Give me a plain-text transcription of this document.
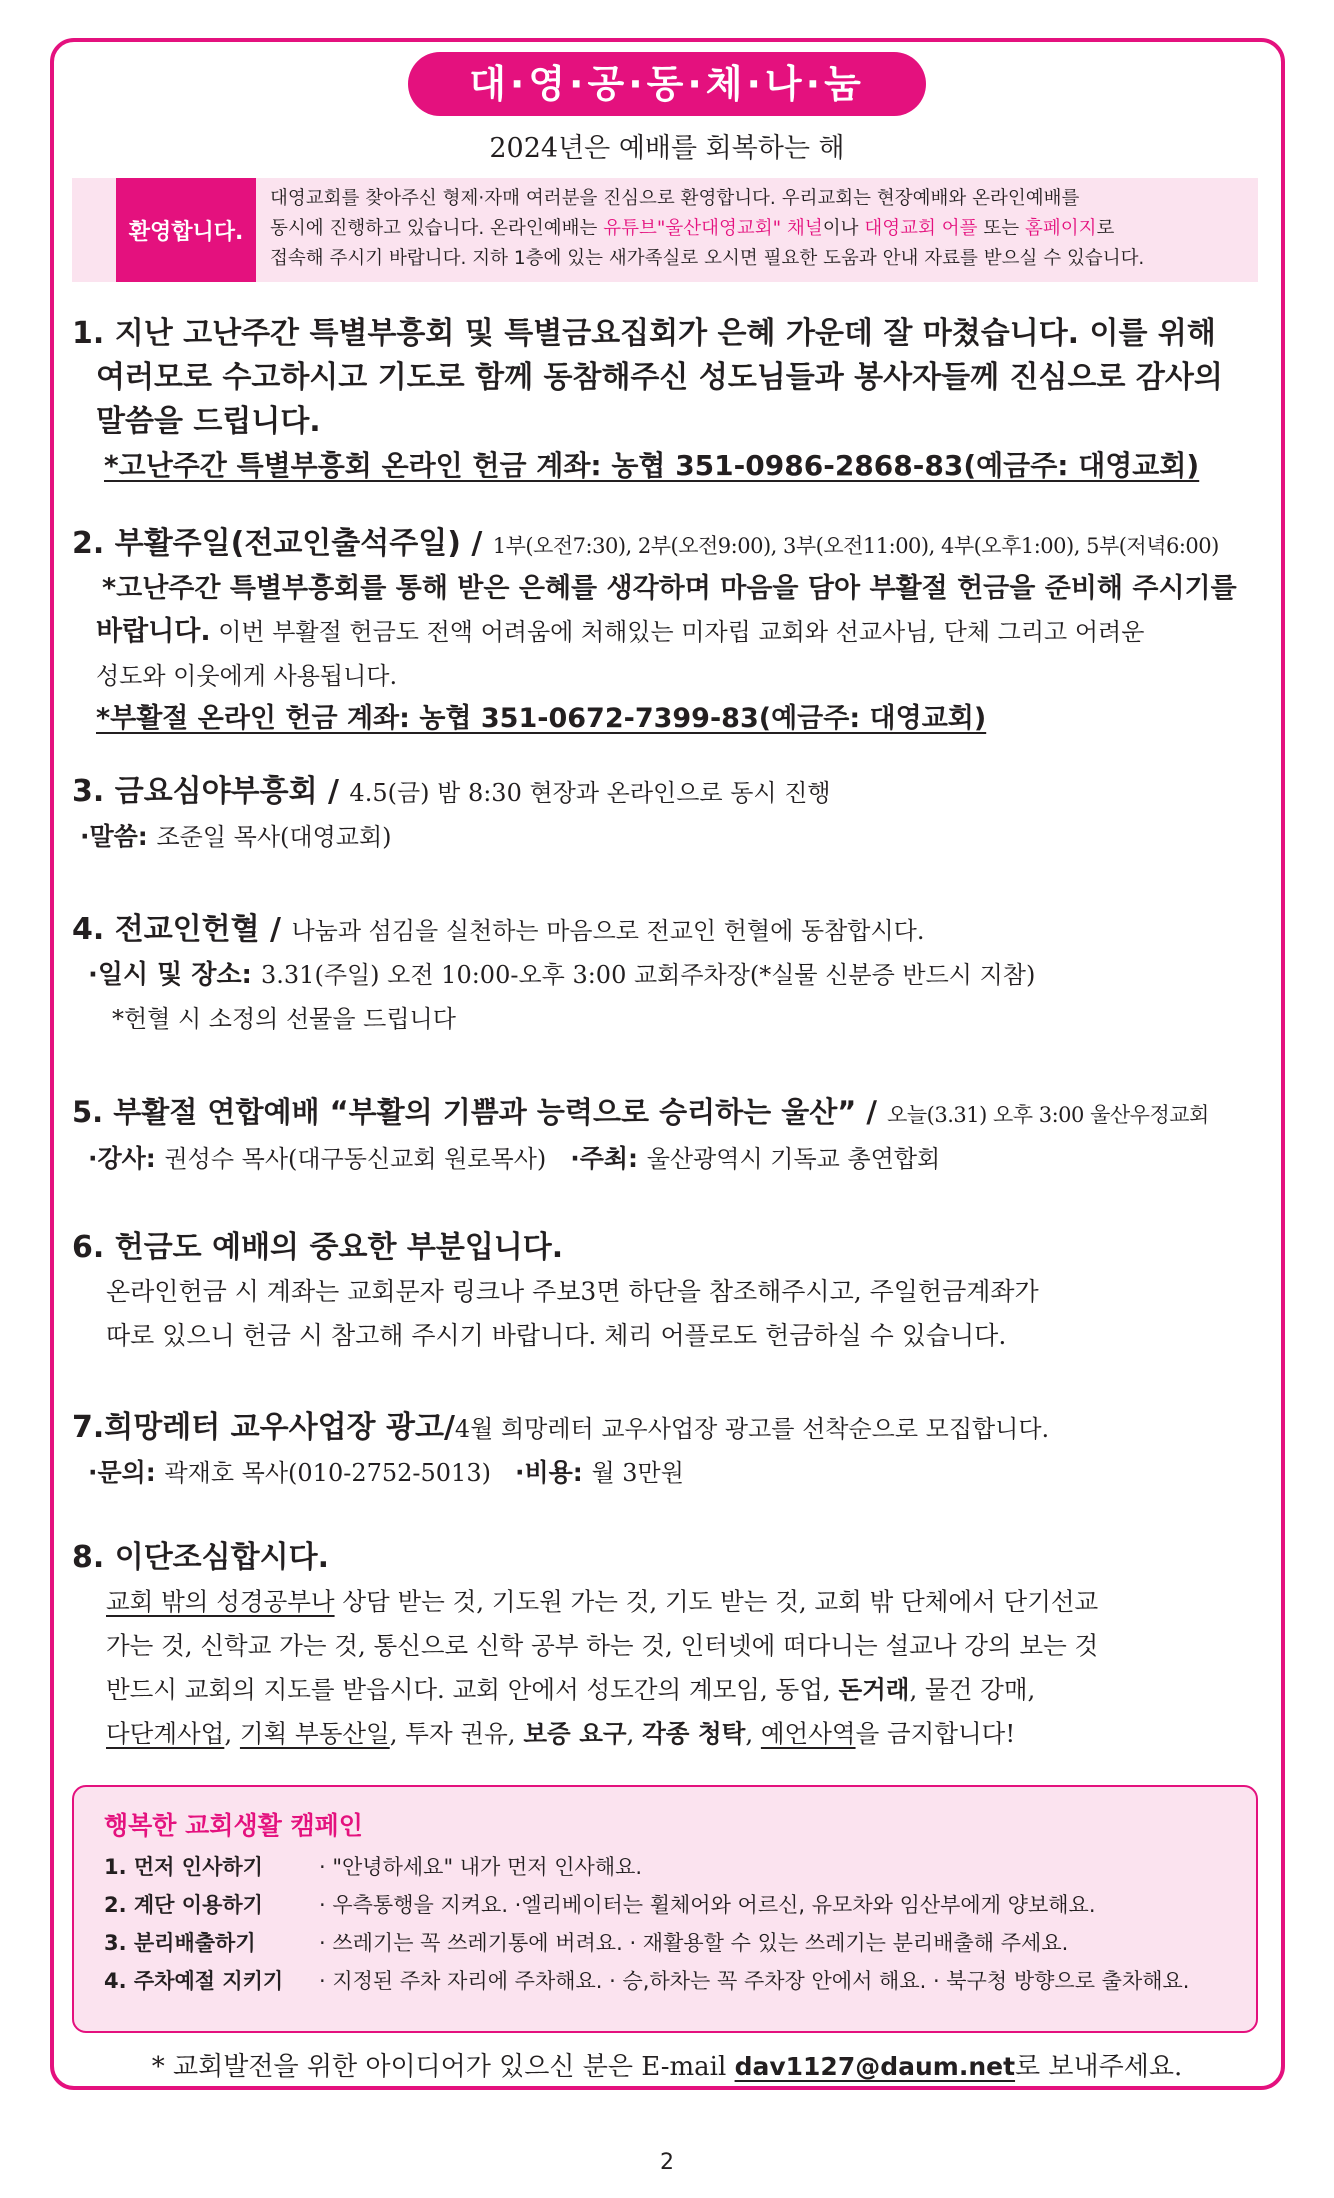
대·영·공·동·체·나·눔
2024년은 예배를 회복하는 해
환영합니다.
대영교회를 찾아주신 형제·자매 여러분을 진심으로 환영합니다. 우리교회는 현장예배와 온라인예배를
동시에 진행하고 있습니다. 온라인예배는 유튜브"울산대영교회" 채널이나 대영교회 어플 또는 홈페이지로
접속해 주시기 바랍니다. 지하 1층에 있는 새가족실로 오시면 필요한 도움과 안내 자료를 받으실 수 있습니다.
1. 지난 고난주간 특별부흥회 및 특별금요집회가 은혜 가운데 잘 마쳤습니다. 이를 위해
여러모로 수고하시고 기도로 함께 동참해주신 성도님들과 봉사자들께 진심으로 감사의
말씀을 드립니다.
*고난주간 특별부흥회 온라인 헌금 계좌: 농협 351-0986-2868-83(예금주: 대영교회)
2. 부활주일(전교인출석주일) / 1부(오전7:30), 2부(오전9:00), 3부(오전11:00), 4부(오후1:00), 5부(저녁6:00)
*고난주간 특별부흥회를 통해 받은 은혜를 생각하며 마음을 담아 부활절 헌금을 준비해 주시기를
바랍니다. 이번 부활절 헌금도 전액 어려움에 처해있는 미자립 교회와 선교사님, 단체 그리고 어려운
성도와 이웃에게 사용됩니다.
*부활절 온라인 헌금 계좌: 농협 351-0672-7399-83(예금주: 대영교회)
3. 금요심야부흥회 / 4.5(금) 밤 8:30 현장과 온라인으로 동시 진행
·말씀: 조준일 목사(대영교회)
4. 전교인헌혈 / 나눔과 섬김을 실천하는 마음으로 전교인 헌혈에 동참합시다.
·일시 및 장소: 3.31(주일) 오전 10:00-오후 3:00 교회주차장(*실물 신분증 반드시 지참)
*헌혈 시 소정의 선물을 드립니다
5. 부활절 연합예배 “부활의 기쁨과 능력으로 승리하는 울산” / 오늘(3.31) 오후 3:00 울산우정교회
·강사: 권성수 목사(대구동신교회 원로목사) ·주최: 울산광역시 기독교 총연합회
6. 헌금도 예배의 중요한 부분입니다.
온라인헌금 시 계좌는 교회문자 링크나 주보3면 하단을 참조해주시고, 주일헌금계좌가
따로 있으니 헌금 시 참고해 주시기 바랍니다. 체리 어플로도 헌금하실 수 있습니다.
7.희망레터 교우사업장 광고/4월 희망레터 교우사업장 광고를 선착순으로 모집합니다.
·문의: 곽재호 목사(010-2752-5013) ·비용: 월 3만원
8. 이단조심합시다.
교회 밖의 성경공부나 상담 받는 것, 기도원 가는 것, 기도 받는 것, 교회 밖 단체에서 단기선교
가는 것, 신학교 가는 것, 통신으로 신학 공부 하는 것, 인터넷에 떠다니는 설교나 강의 보는 것
반드시 교회의 지도를 받읍시다. 교회 안에서 성도간의 계모임, 동업, 돈거래, 물건 강매,
다단계사업, 기획 부동산일, 투자 권유, 보증 요구, 각종 청탁, 예언사역을 금지합니다!
행복한 교회생활 캠페인
1. 먼저 인사하기	· "안녕하세요" 내가 먼저 인사해요.
2. 계단 이용하기	· 우측통행을 지켜요. ·엘리베이터는 휠체어와 어르신, 유모차와 임산부에게 양보해요.
3. 분리배출하기	· 쓰레기는 꼭 쓰레기통에 버려요. · 재활용할 수 있는 쓰레기는 분리배출해 주세요.
4. 주차예절 지키기 · 지정된 주차 자리에 주차해요. · 승,하차는 꼭 주차장 안에서 해요. · 북구청 방향으로 출차해요.
* 교회발전을 위한 아이디어가 있으신 분은 E-mail dav1127@daum.net로 보내주세요.
2
